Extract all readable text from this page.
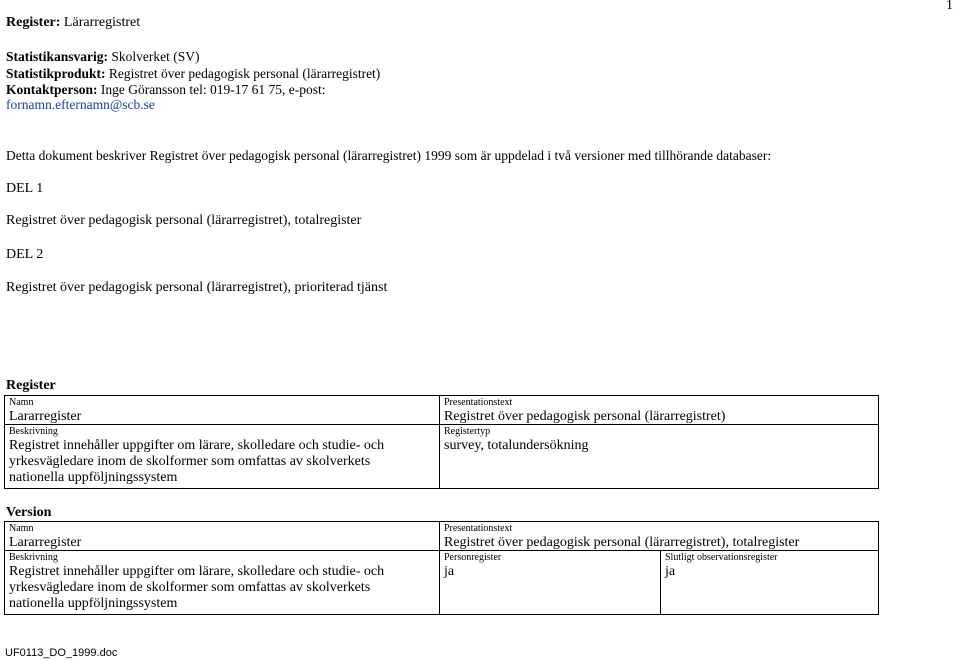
1
Register: Lärarregistret
Statistikansvarig: Skolverket (SV)
Statistikprodukt: Registret över pedagogisk personal (lärarregistret)
Kontaktperson: Inge Göransson tel: 019-17 61 75, e-post:
fornamn.efternamn@scb.se
Detta dokument beskriver Registret över pedagogisk personal (lärarregistret) 1999 som är uppdelad i två versioner med tillhörande databaser:
DEL 1
Registret över pedagogisk personal (lärarregistret), totalregister
DEL 2
Registret över pedagogisk personal (lärarregistret), prioriterad tjänst
Register
Namn
Lararregister
Presentationstext
Registret över pedagogisk personal (lärarregistret)
Beskrivning
Registret innehåller uppgifter om lärare, skolledare och studie- och
yrkesvägledare inom de skolformer som omfattas av skolverkets
nationella uppföljningssystem
Registertyp
survey, totalundersökning
Version
Namn
Lararregister
Presentationstext
Registret över pedagogisk personal (lärarregistret), totalregister
Beskrivning
Registret innehåller uppgifter om lärare, skolledare och studie- och
yrkesvägledare inom de skolformer som omfattas av skolverkets
nationella uppföljningssystem
Personregister
ja
Slutligt observationsregister
ja
UF0113_DO_1999.doc
